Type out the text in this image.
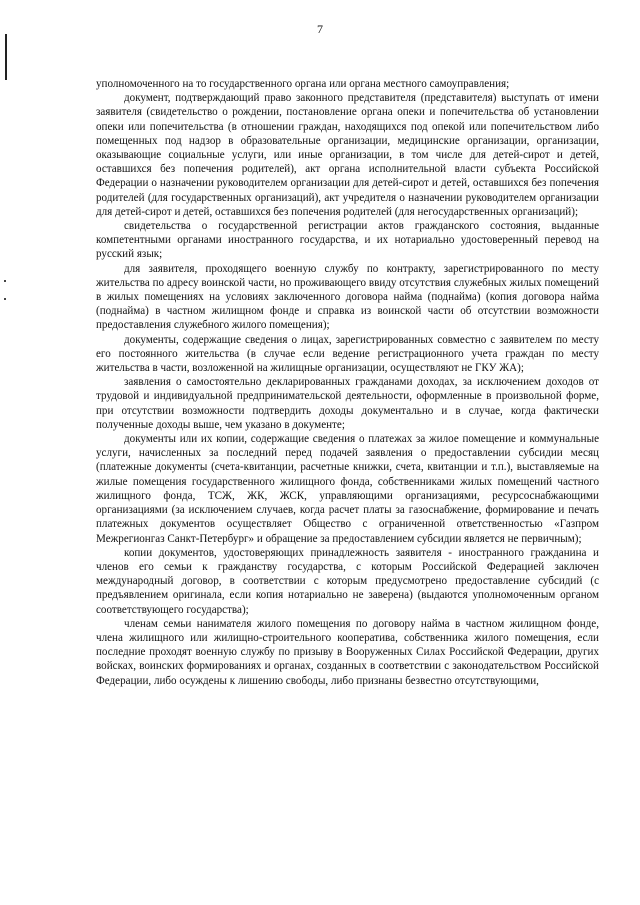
7

уполномоченного на то государственного органа или органа местного самоуправления;

документ, подтверждающий право законного представителя (представителя) выступать от имени заявителя (свидетельство о рождении, постановление органа опеки и попечительства об установлении опеки или попечительства (в отношении граждан, находящихся под опекой или попечительством либо помещенных под надзор в образовательные организации, медицинские организации, организации, оказывающие социальные услуги, или иные организации, в том числе для детей-сирот и детей, оставшихся без попечения родителей), акт органа исполнительной власти субъекта Российской Федерации о назначении руководителем организации для детей-сирот и детей, оставшихся без попечения родителей (для государственных организаций), акт учредителя о назначении руководителем организации для детей-сирот и детей, оставшихся без попечения родителей (для негосударственных организаций);

свидетельства о государственной регистрации актов гражданского состояния, выданные компетентными органами иностранного государства, и их нотариально удостоверенный перевод на русский язык;

для заявителя, проходящего военную службу по контракту, зарегистрированного по месту жительства по адресу воинской части, но проживающего ввиду отсутствия служебных жилых помещений в жилых помещениях на условиях заключенного договора найма (поднайма) (копия договора найма (поднайма) в частном жилищном фонде и справка из воинской части об отсутствии возможности предоставления служебного жилого помещения);

документы, содержащие сведения о лицах, зарегистрированных совместно с заявителем по месту его постоянного жительства (в случае если ведение регистрационного учета граждан по месту жительства в части, возложенной на жилищные организации, осуществляют не ГКУ ЖА);

заявления о самостоятельно декларированных гражданами доходах, за исключением доходов от трудовой и индивидуальной предпринимательской деятельности, оформленные в произвольной форме, при отсутствии возможности подтвердить доходы документально и в случае, когда фактически полученные доходы выше, чем указано в документе;

документы или их копии, содержащие сведения о платежах за жилое помещение и коммунальные услуги, начисленных за последний перед подачей заявления о предоставлении субсидии месяц (платежные документы (счета-квитанции, расчетные книжки, счета, квитанции и т.п.), выставляемые на жилые помещения государственного жилищного фонда, собственниками жилых помещений частного жилищного фонда, ТСЖ, ЖК, ЖСК, управляющими организациями, ресурсоснабжающими организациями (за исключением случаев, когда расчет платы за газоснабжение, формирование и печать платежных документов осуществляет Общество с ограниченной ответственностью «Газпром Межрегионгаз Санкт-Петербург» и обращение за предоставлением субсидии является не первичным);

копии документов, удостоверяющих принадлежность заявителя - иностранного гражданина и членов его семьи к гражданству государства, с которым Российской Федерацией заключен международный договор, в соответствии с которым предусмотрено предоставление субсидий (с предъявлением оригинала, если копия нотариально не заверена) (выдаются уполномоченным органом соответствующего государства);

членам семьи нанимателя жилого помещения по договору найма в частном жилищном фонде, члена жилищного или жилищно-строительного кооператива, собственника жилого помещения, если последние проходят военную службу по призыву в Вооруженных Силах Российской Федерации, других войсках, воинских формированиях и органах, созданных в соответствии с законодательством Российской Федерации, либо осуждены к лишению свободы, либо признаны безвестно отсутствующими,
